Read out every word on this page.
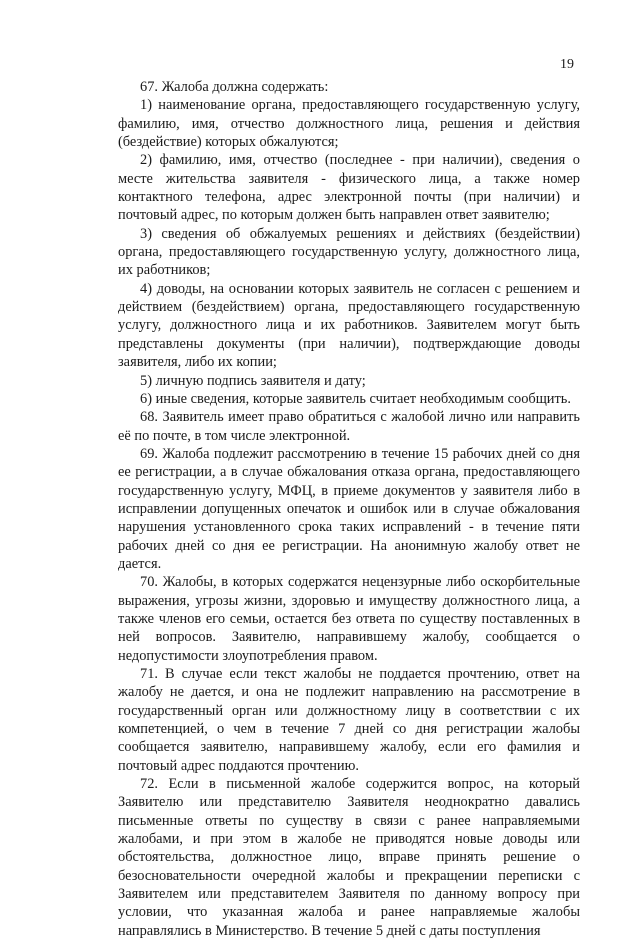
19

67. Жалоба должна содержать:

1) наименование органа, предоставляющего государственную услугу, фамилию, имя, отчество должностного лица, решения и действия (бездействие) которых обжалуются;

2) фамилию, имя, отчество (последнее - при наличии), сведения о месте жительства заявителя - физического лица, а также номер контактного телефона, адрес электронной почты (при наличии) и почтовый адрес, по которым должен быть направлен ответ заявителю;

3) сведения об обжалуемых решениях и действиях (бездействии) органа, предоставляющего государственную услугу, должностного лица, их работников;

4) доводы, на основании которых заявитель не согласен с решением и действием (бездействием) органа, предоставляющего государственную услугу, должностного лица и их работников. Заявителем могут быть представлены документы (при наличии), подтверждающие доводы заявителя, либо их копии;

5) личную подпись заявителя и дату;

6) иные сведения, которые заявитель считает необходимым сообщить.

68. Заявитель имеет право обратиться с жалобой лично или направить её по почте, в том числе электронной.

69. Жалоба подлежит рассмотрению в течение 15 рабочих дней со дня ее регистрации, а в случае обжалования отказа органа, предоставляющего государственную услугу, МФЦ, в приеме документов у заявителя либо в исправлении допущенных опечаток и ошибок или в случае обжалования нарушения установленного срока таких исправлений - в течение пяти рабочих дней со дня ее регистрации. На анонимную жалобу ответ не дается.

70. Жалобы, в которых содержатся нецензурные либо оскорбительные выражения, угрозы жизни, здоровью и имуществу должностного лица, а также членов его семьи, остается без ответа по существу поставленных в ней вопросов. Заявителю, направившему жалобу, сообщается о недопустимости злоупотребления правом.

71. В случае если текст жалобы не поддается прочтению, ответ на жалобу не дается, и она не подлежит направлению на рассмотрение в государственный орган или должностному лицу в соответствии с их компетенцией, о чем в течение 7 дней со дня регистрации жалобы сообщается заявителю, направившему жалобу, если его фамилия и почтовый адрес поддаются прочтению.

72. Если в письменной жалобе содержится вопрос, на который Заявителю или представителю Заявителя неоднократно давались письменные ответы по существу в связи с ранее направляемыми жалобами, и при этом в жалобе не приводятся новые доводы или обстоятельства, должностное лицо, вправе принять решение о безосновательности очередной жалобы и прекращении переписки с Заявителем или представителем Заявителя по данному вопросу при условии, что указанная жалоба и ранее направляемые жалобы направлялись в Министерство. В течение 5 дней с даты поступления
